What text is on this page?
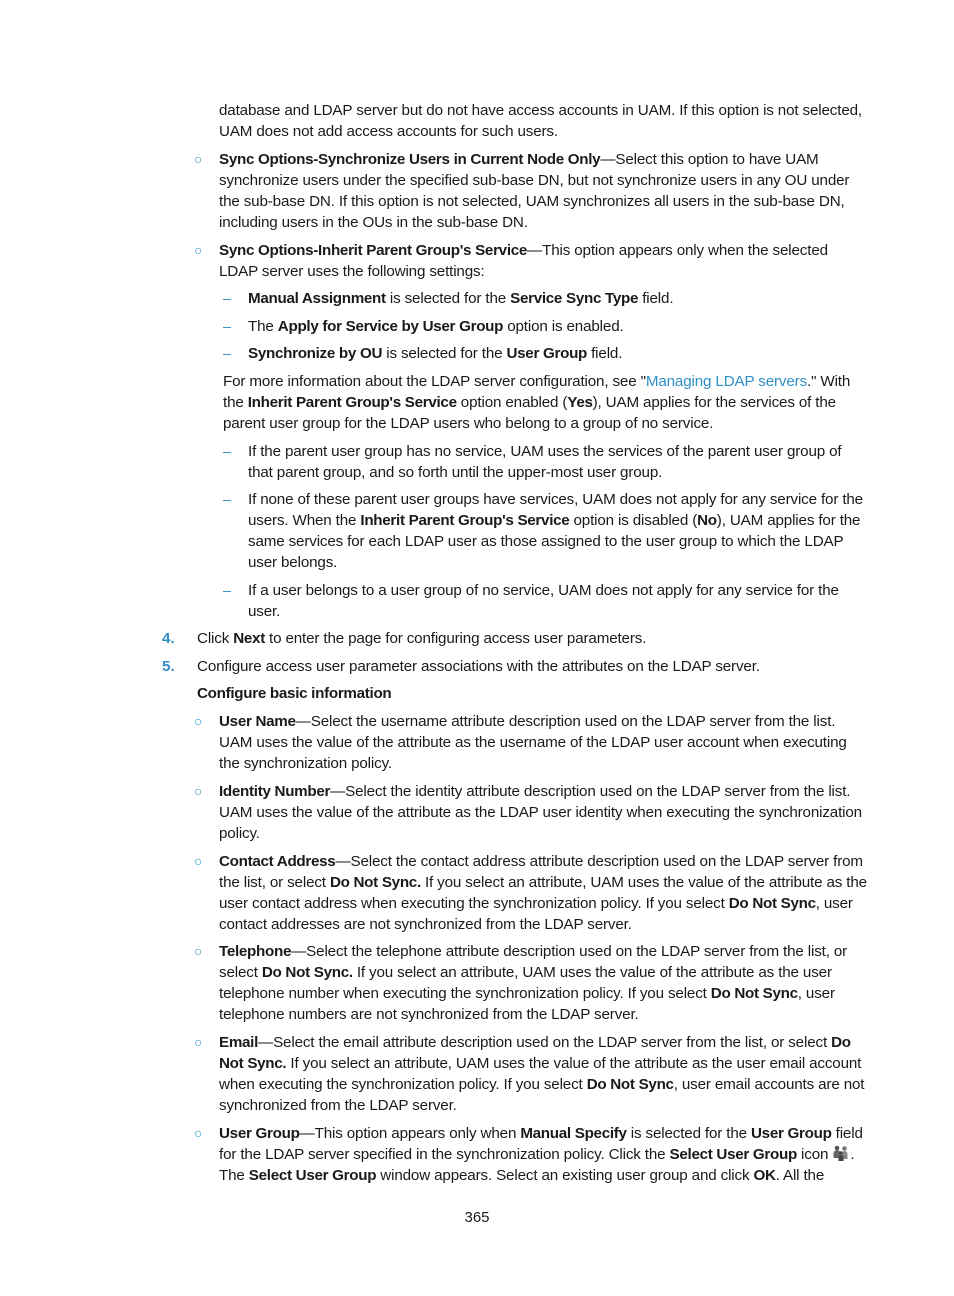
database and LDAP server but do not have access accounts in UAM. If this option is not selected, UAM does not add access accounts for such users.

○ Sync Options-Synchronize Users in Current Node Only—Select this option to have UAM synchronize users under the specified sub-base DN, but not synchronize users in any OU under the sub-base DN. If this option is not selected, UAM synchronizes all users in the sub-base DN, including users in the OUs in the sub-base DN.

○ Sync Options-Inherit Parent Group's Service—This option appears only when the selected LDAP server uses the following settings:

– Manual Assignment is selected for the Service Sync Type field.

– The Apply for Service by User Group option is enabled.

– Synchronize by OU is selected for the User Group field.

For more information about the LDAP server configuration, see "Managing LDAP servers." With the Inherit Parent Group's Service option enabled (Yes), UAM applies for the services of the parent user group for the LDAP users who belong to a group of no service.

– If the parent user group has no service, UAM uses the services of the parent user group of that parent group, and so forth until the upper-most user group.

– If none of these parent user groups have services, UAM does not apply for any service for the users. When the Inherit Parent Group's Service option is disabled (No), UAM applies for the same services for each LDAP user as those assigned to the user group to which the LDAP user belongs.

– If a user belongs to a user group of no service, UAM does not apply for any service for the user.

4. Click Next to enter the page for configuring access user parameters.

5. Configure access user parameter associations with the attributes on the LDAP server.

Configure basic information

○ User Name—Select the username attribute description used on the LDAP server from the list. UAM uses the value of the attribute as the username of the LDAP user account when executing the synchronization policy.

○ Identity Number—Select the identity attribute description used on the LDAP server from the list. UAM uses the value of the attribute as the LDAP user identity when executing the synchronization policy.

○ Contact Address—Select the contact address attribute description used on the LDAP server from the list, or select Do Not Sync. If you select an attribute, UAM uses the value of the attribute as the user contact address when executing the synchronization policy. If you select Do Not Sync, user contact addresses are not synchronized from the LDAP server.

○ Telephone—Select the telephone attribute description used on the LDAP server from the list, or select Do Not Sync. If you select an attribute, UAM uses the value of the attribute as the user telephone number when executing the synchronization policy. If you select Do Not Sync, user telephone numbers are not synchronized from the LDAP server.

○ Email—Select the email attribute description used on the LDAP server from the list, or select Do Not Sync. If you select an attribute, UAM uses the value of the attribute as the user email account when executing the synchronization policy. If you select Do Not Sync, user email accounts are not synchronized from the LDAP server.

○ User Group—This option appears only when Manual Specify is selected for the User Group field for the LDAP server specified in the synchronization policy. Click the Select User Group icon . The Select User Group window appears. Select an existing user group and click OK. All the

365
